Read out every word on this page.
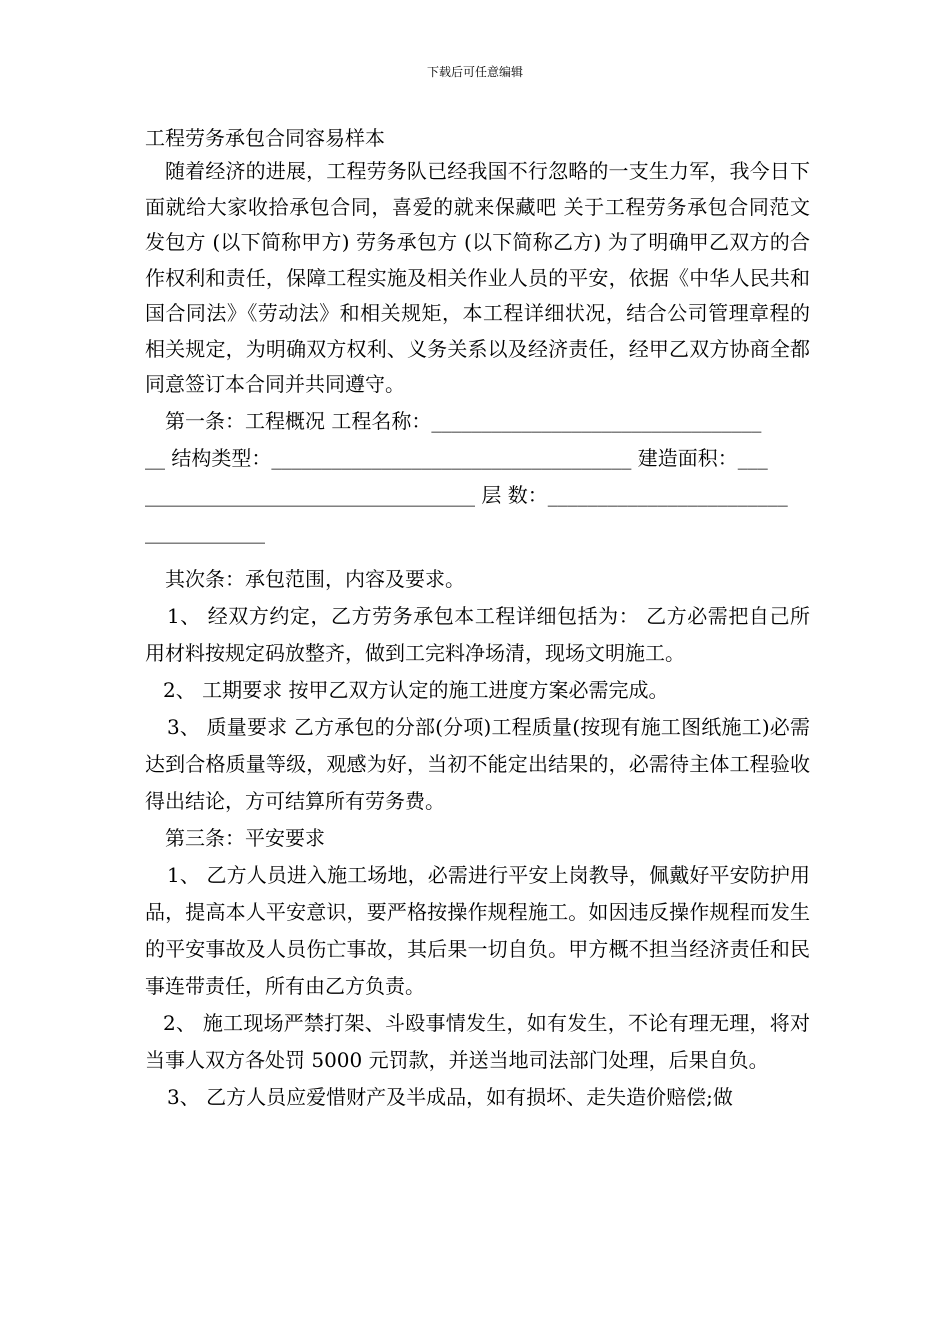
下载后可任意编辑

工程劳务承包合同容易样本

随着经济的进展，工程劳务队已经我国不行忽略的一支生力军，我今日下面就给大家收拾承包合同，喜爱的就来保藏吧 关于工程劳务承包合同范文 发包方 (以下简称甲方) 劳务承包方 (以下简称乙方) 为了明确甲乙双方的合作权利和责任，保障工程实施及相关作业人员的平安，依据《中华人民共和国合同法》《劳动法》和相关规矩，本工程详细状况，结合公司管理章程的相关规定，为明确双方权利、义务关系以及经济责任，经甲乙双方协商全都同意签订本合同并共同遵守。

第一条：工程概况 工程名称：_________________________________

__ 结构类型：____________________________________ 建造面积：___

_________________________________ 层 数：________________________

____________

其次条：承包范围，内容及要求。

1、 经双方约定，乙方劳务承包本工程详细包括为： 乙方必需把自己所用材料按规定码放整齐，做到工完料净场清，现场文明施工。

2、 工期要求 按甲乙双方认定的施工进度方案必需完成。

3、 质量要求 乙方承包的分部(分项)工程质量(按现有施工图纸施工)必需达到合格质量等级，观感为好，当初不能定出结果的，必需待主体工程验收得出结论，方可结算所有劳务费。

第三条：平安要求

1、 乙方人员进入施工场地，必需进行平安上岗教导，佩戴好平安防护用品，提高本人平安意识，要严格按操作规程施工。如因违反操作规程而发生的平安事故及人员伤亡事故，其后果一切自负。甲方概不担当经济责任和民事连带责任，所有由乙方负责。

2、 施工现场严禁打架、斗殴事情发生，如有发生，不论有理无理，将对当事人双方各处罚 5000 元罚款，并送当地司法部门处理，后果自负。

3、 乙方人员应爱惜财产及半成品，如有损坏、走失造价赔偿;做
